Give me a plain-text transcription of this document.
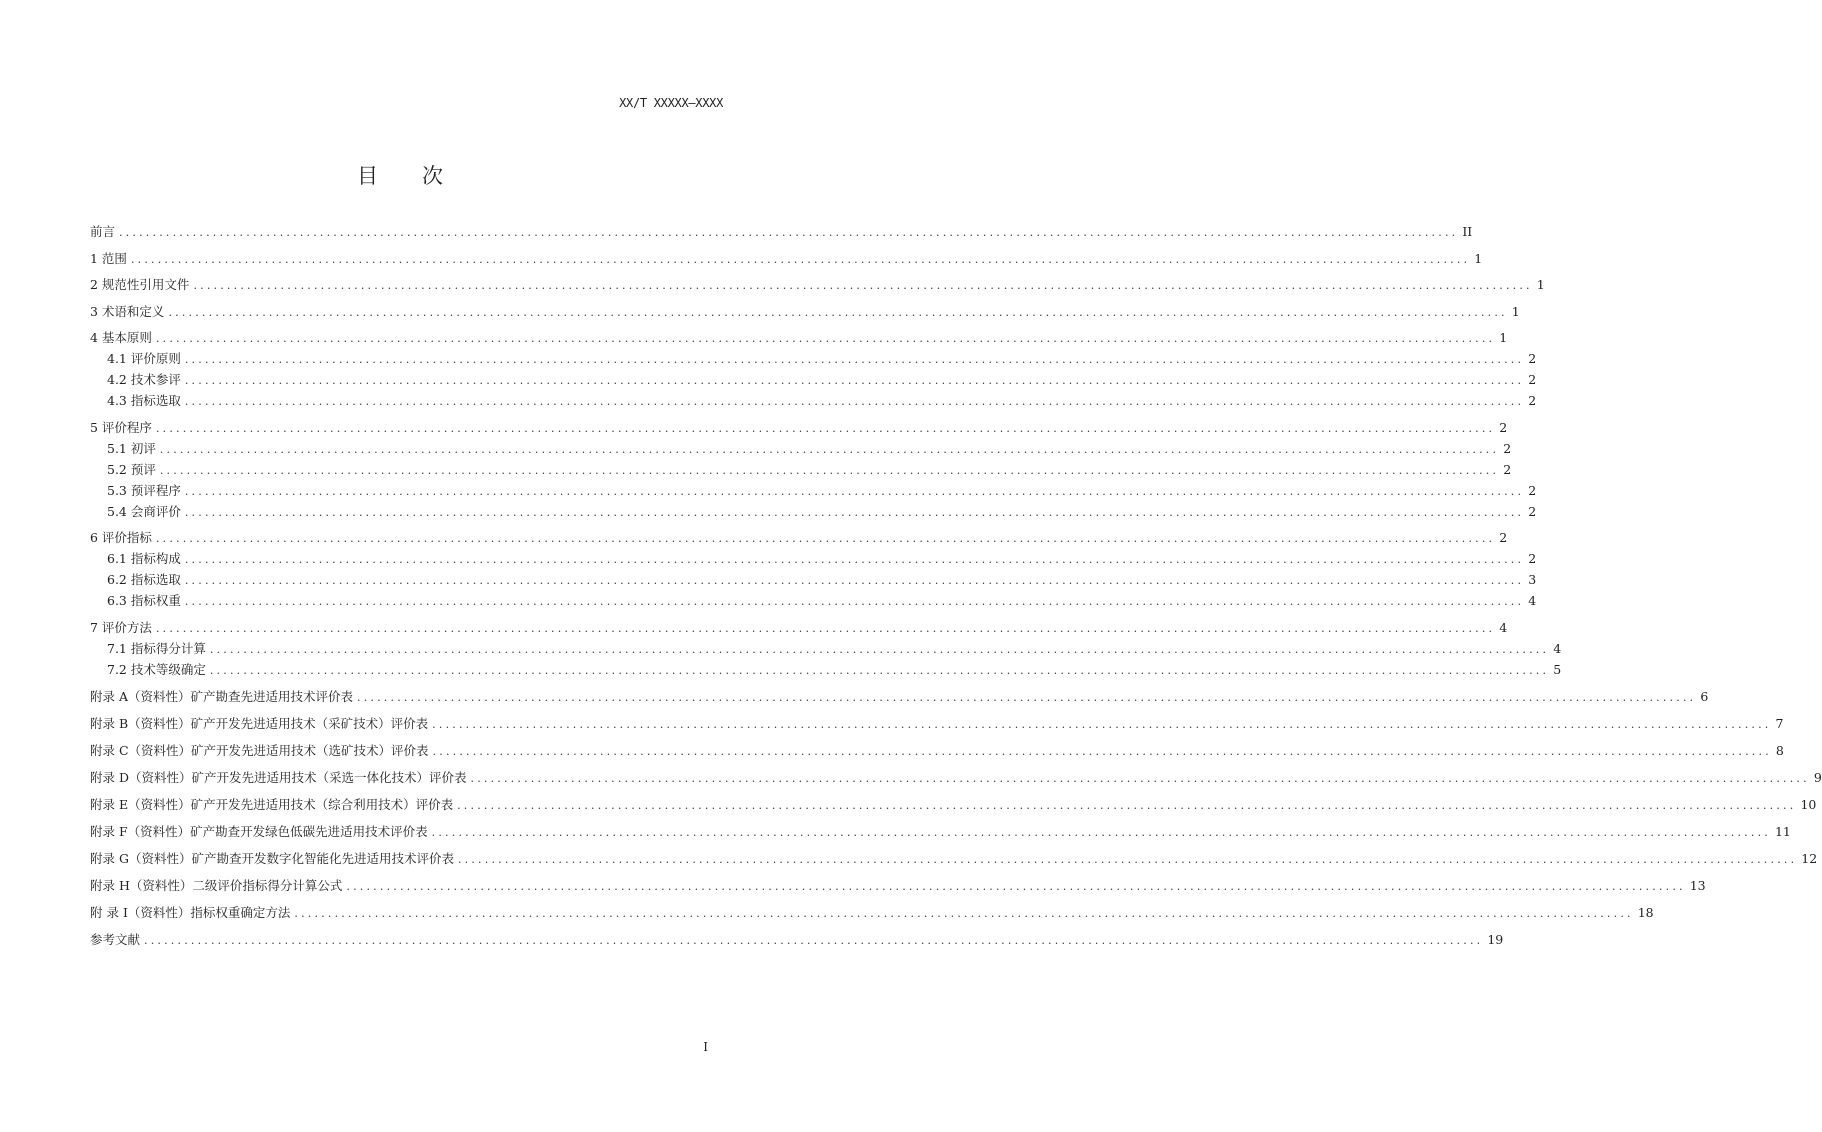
XX/T XXXXX—XXXX
目 次
前言 ........................................................................................................................................................................................................ II
1 范围 ........................................................................................................................................................................................................ 1
2 规范性引用文件 ........................................................................................................................................................................................................ 1
3 术语和定义 ........................................................................................................................................................................................................ 1
4 基本原则 ........................................................................................................................................................................................................ 1
4.1 评价原则 ........................................................................................................................................................................................................ 2
4.2 技术参评 ........................................................................................................................................................................................................ 2
4.3 指标选取 ........................................................................................................................................................................................................ 2
5 评价程序 ........................................................................................................................................................................................................ 2
5.1 初评 ........................................................................................................................................................................................................ 2
5.2 预评 ........................................................................................................................................................................................................ 2
5.3 预评程序 ........................................................................................................................................................................................................ 2
5.4 会商评价 ........................................................................................................................................................................................................ 2
6 评价指标 ........................................................................................................................................................................................................ 2
6.1 指标构成 ........................................................................................................................................................................................................ 2
6.2 指标选取 ........................................................................................................................................................................................................ 3
6.3 指标权重 ........................................................................................................................................................................................................ 4
7 评价方法 ........................................................................................................................................................................................................ 4
7.1 指标得分计算 ........................................................................................................................................................................................................ 4
7.2 技术等级确定 ........................................................................................................................................................................................................ 5
附录 A（资料性）矿产勘查先进适用技术评价表 ........................................................................................................................................................................................................ 6
附录 B（资料性）矿产开发先进适用技术（采矿技术）评价表 ........................................................................................................................................................................................................ 7
附录 C（资料性）矿产开发先进适用技术（选矿技术）评价表 ........................................................................................................................................................................................................ 8
附录 D（资料性）矿产开发先进适用技术（采选一体化技术）评价表 ........................................................................................................................................................................................................ 9
附录 E（资料性）矿产开发先进适用技术（综合利用技术）评价表 ........................................................................................................................................................................................................ 10
附录 F（资料性）矿产勘查开发绿色低碳先进适用技术评价表 ........................................................................................................................................................................................................ 11
附录 G（资料性）矿产勘查开发数字化智能化先进适用技术评价表 ........................................................................................................................................................................................................ 12
附录 H（资料性）二级评价指标得分计算公式 ........................................................................................................................................................................................................ 13
附 录 I（资料性）指标权重确定方法 ........................................................................................................................................................................................................ 18
参考文献 ........................................................................................................................................................................................................ 19
I
